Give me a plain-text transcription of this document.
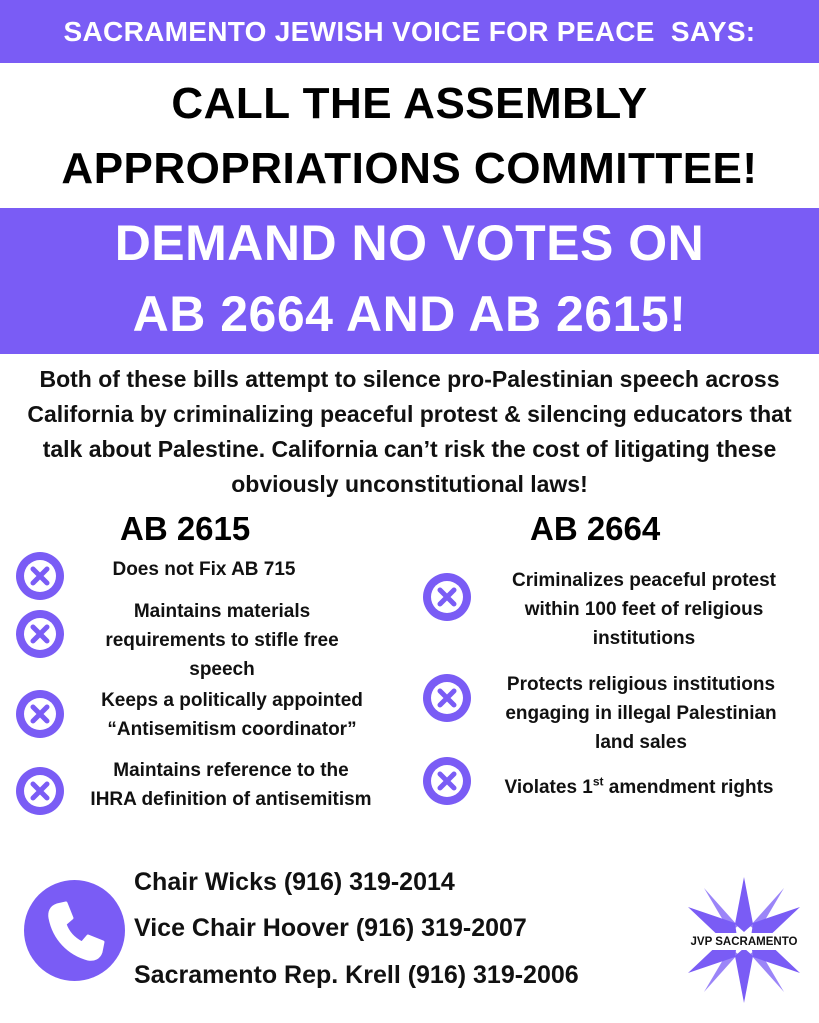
SACRAMENTO JEWISH VOICE FOR PEACE  SAYS:
CALL THE ASSEMBLY
APPROPRIATIONS COMMITTEE!
DEMAND NO VOTES ON
AB 2664 AND AB 2615!
Both of these bills attempt to silence pro-Palestinian speech across California by criminalizing peaceful protest & silencing educators that talk about Palestine. California can’t risk the cost of litigating these obviously unconstitutional laws!
AB 2615
Does not Fix AB 715
Maintains materials requirements to stifle free speech
Keeps a politically appointed “Antisemitism coordinator”
Maintains reference to the IHRA definition of antisemitism
AB 2664
Criminalizes peaceful protest within 100 feet of religious institutions
Protects religious institutions engaging in illegal Palestinian land sales
Violates 1st amendment rights
Chair Wicks (916) 319-2014
Vice Chair Hoover (916) 319-2007
Sacramento Rep. Krell (916) 319-2006
JVP SACRAMENTO
